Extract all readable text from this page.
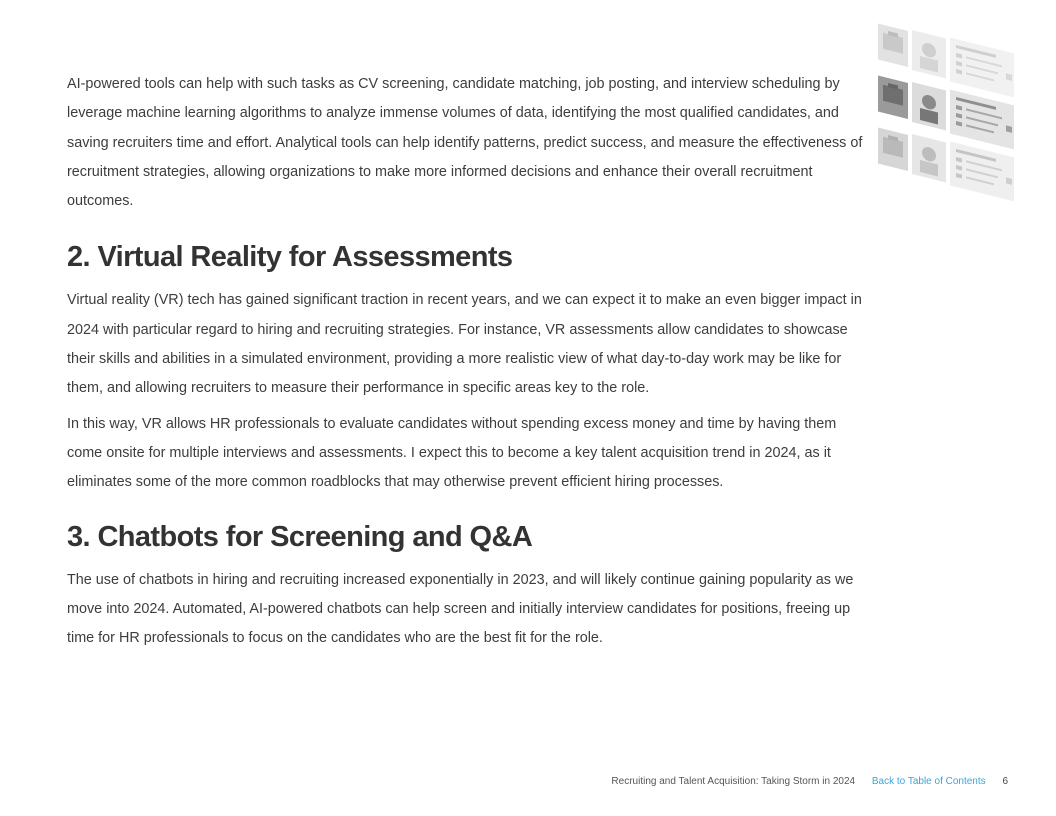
AI-powered tools can help with such tasks as CV screening, candidate matching, job posting, and interview scheduling by leverage machine learning algorithms to analyze immense volumes of data, identifying the most qualified candidates, and saving recruiters time and effort. Analytical tools can help identify patterns, predict success, and measure the effectiveness of recruitment strategies, allowing organizations to make more informed decisions and enhance their overall recruitment outcomes.

2. Virtual Reality for Assessments

Virtual reality (VR) tech has gained significant traction in recent years, and we can expect it to make an even bigger impact in 2024 with particular regard to hiring and recruiting strategies. For instance, VR assessments allow candidates to showcase their skills and abilities in a simulated environment, providing a more realistic view of what day-to-day work may be like for them, and allowing recruiters to measure their performance in specific areas key to the role.

In this way, VR allows HR professionals to evaluate candidates without spending excess money and time by having them come onsite for multiple interviews and assessments. I expect this to become a key talent acquisition trend in 2024, as it eliminates some of the more common roadblocks that may otherwise prevent efficient hiring processes.

3. Chatbots for Screening and Q&A

The use of chatbots in hiring and recruiting increased exponentially in 2023, and will likely continue gaining popularity as we move into 2024. Automated, AI-powered chatbots can help screen and initially interview candidates for positions, freeing up time for HR professionals to focus on the candidates who are the best fit for the role.

Recruiting and Talent Acquisition: Taking Storm in 2024 Back to Table of Contents 6
